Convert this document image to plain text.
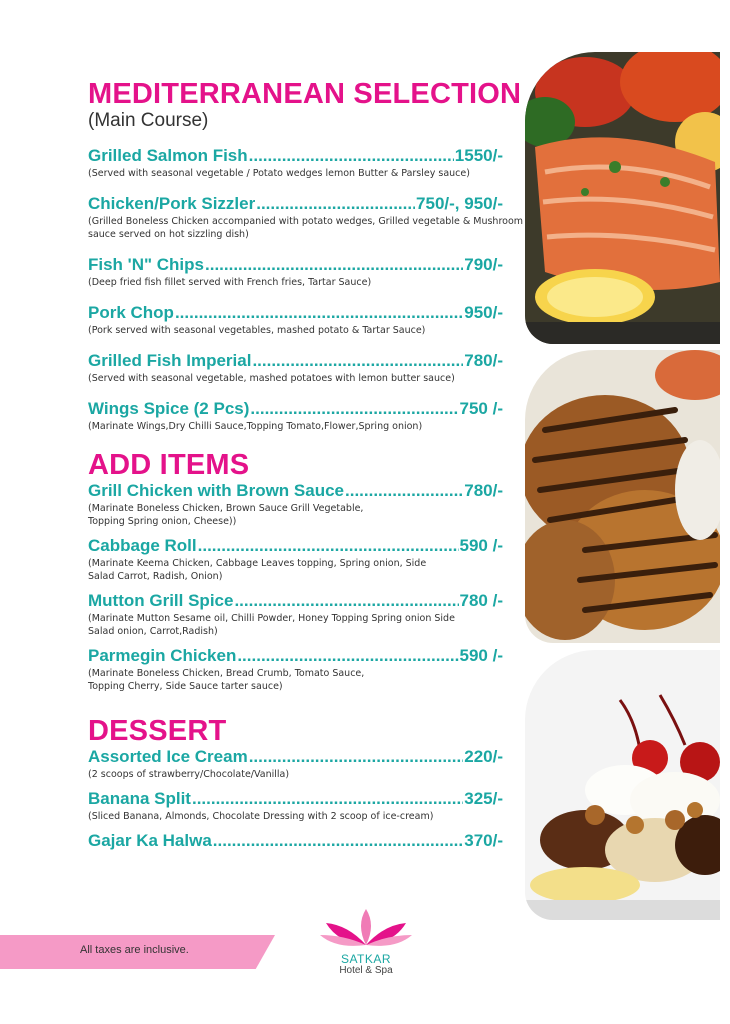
MEDITERRANEAN SELECTION
(Main Course)
Grilled Salmon Fish .....	1550/-
(Served with seasonal vegetable / Potato wedges lemon Butter & Parsley sauce)
Chicken/Pork Sizzler .....	750/-, 950/-
(Grilled Boneless Chicken accompanied with potato wedges, Grilled vegetable & Mushroom sauce served on hot sizzling dish)
Fish 'N" Chips .....	790/-
(Deep fried fish fillet served with French fries, Tartar Sauce)
Pork Chop .....	950/-
(Pork served with seasonal vegetables, mashed potato & Tartar Sauce)
Grilled Fish Imperial .....	780/-
(Served with seasonal vegetable, mashed potatoes with lemon butter sauce)
Wings Spice (2 Pcs) .....	750 /-
(Marinate Wings,Dry Chilli Sauce,Topping Tomato,Flower,Spring onion)
ADD ITEMS
Grill Chicken with Brown Sauce .....	780/-
(Marinate Boneless Chicken, Brown Sauce Grill Vegetable, Topping Spring onion, Cheese))
Cabbage Roll .....	590 /-
(Marinate Keema Chicken, Cabbage Leaves topping, Spring onion, Side Salad Carrot, Radish, Onion)
Mutton Grill Spice .....	780 /-
(Marinate Mutton Sesame oil, Chilli Powder, Honey Topping Spring onion Side Salad onion, Carrot,Radish)
Parmegin Chicken .....	590 /-
(Marinate Boneless Chicken, Bread Crumb, Tomato Sauce, Topping Cherry, Side Sauce tarter sauce)
DESSERT
Assorted Ice Cream .....	220/-
(2 scoops of strawberry/Chocolate/Vanilla)
Banana Split .....	325/-
(Sliced Banana, Almonds, Chocolate Dressing with 2 scoop of ice-cream)
Gajar Ka Halwa .....	370/-
All taxes are inclusive.
SATKAR
Hotel & Spa
